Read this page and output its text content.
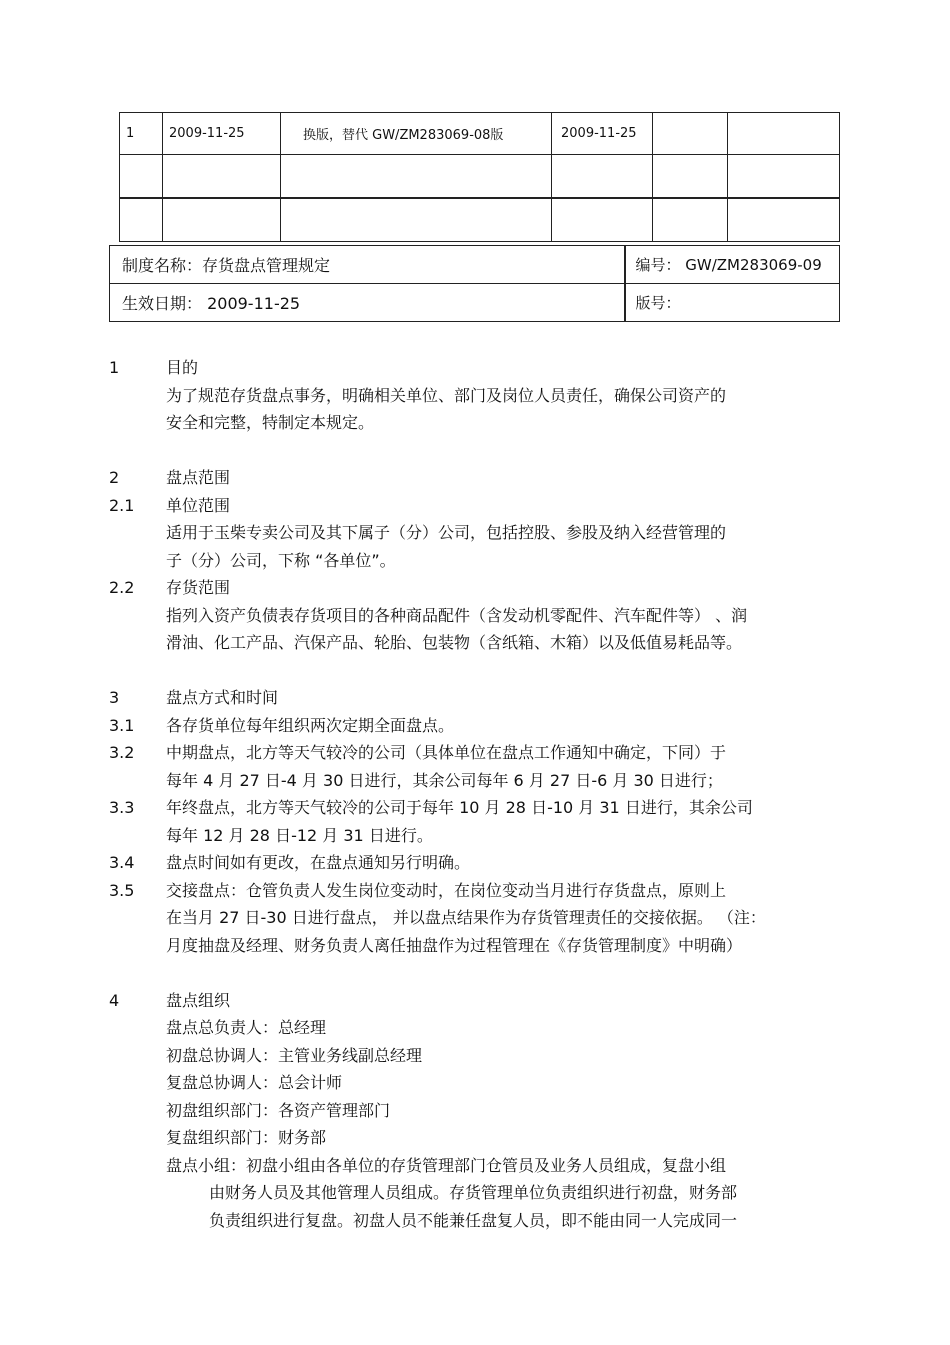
1	2009-11-25	换版，替代 GW/ZM283069-08版	2009-11-25		

制度名称：存货盘点管理规定	编号： GW/ZM283069-09
生效日期： 2009-11-25	版号：
1	目的
为了规范存货盘点事务，明确相关单位、部门及岗位人员责任，确保公司资产的
安全和完整，特制定本规定。
2	盘点范围
2.1 单位范围
适用于玉柴专卖公司及其下属子（分）公司，包括控股、参股及纳入经营管理的
子（分）公司，下称 “各单位”。
2.2 存货范围
指列入资产负债表存货项目的各种商品配件（含发动机零配件、汽车配件等） 、润
滑油、化工产品、汽保产品、轮胎、包装物（含纸箱、木箱）以及低值易耗品等。
3	盘点方式和时间
3.1 各存货单位每年组织两次定期全面盘点。
3.2 中期盘点，北方等天气较冷的公司（具体单位在盘点工作通知中确定，下同）于
每年 4 月 27 日-4 月 30 日进行，其余公司每年 6 月 27 日-6 月 30 日进行；
3.3 年终盘点，北方等天气较冷的公司于每年 10 月 28 日-10 月 31 日进行，其余公司
每年 12 月 28 日-12 月 31 日进行。
3.4 盘点时间如有更改，在盘点通知另行明确。
3.5 交接盘点：仓管负责人发生岗位变动时，在岗位变动当月进行存货盘点，原则上
在当月 27 日-30 日进行盘点， 并以盘点结果作为存货管理责任的交接依据。 （注：
月度抽盘及经理、财务负责人离任抽盘作为过程管理在《存货管理制度》中明确）
4	盘点组织
盘点总负责人：总经理
初盘总协调人：主管业务线副总经理
复盘总协调人：总会计师
初盘组织部门：各资产管理部门
复盘组织部门：财务部
盘点小组：初盘小组由各单位的存货管理部门仓管员及业务人员组成，复盘小组
由财务人员及其他管理人员组成。存货管理单位负责组织进行初盘，财务部
负责组织进行复盘。初盘人员不能兼任盘复人员，即不能由同一人完成同一
